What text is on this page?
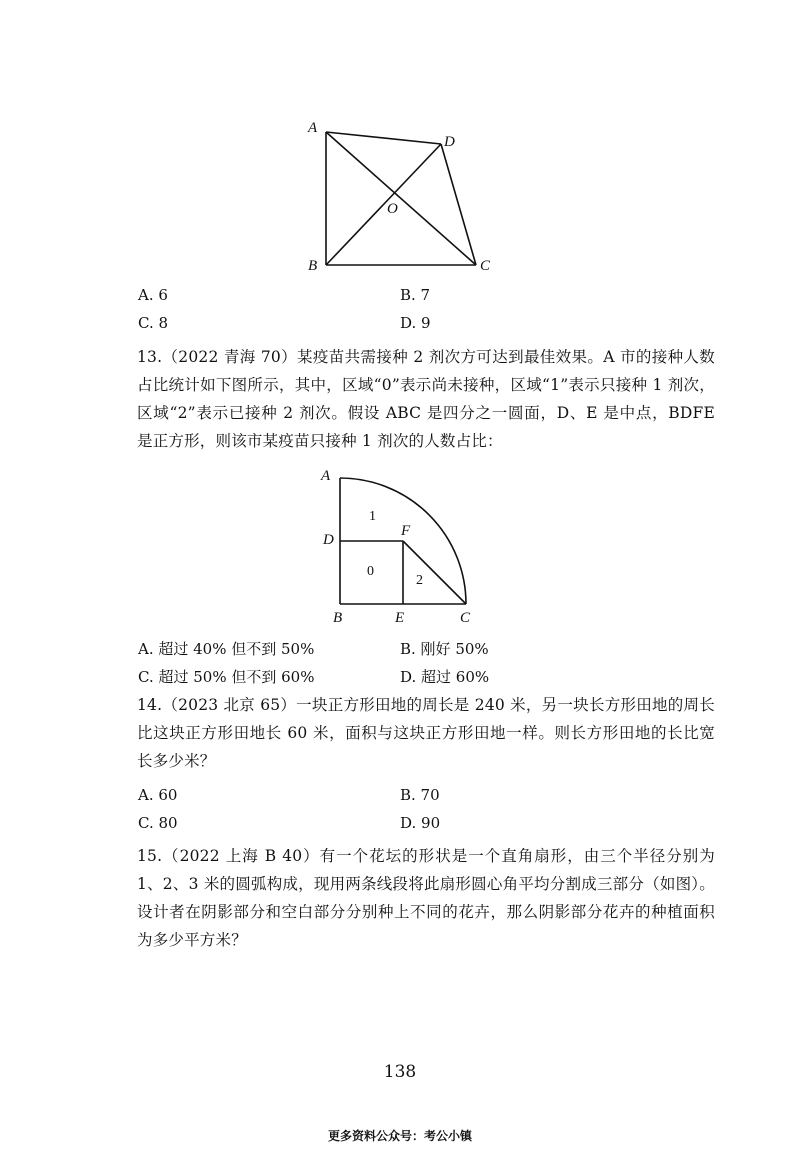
A
D
O
B	C
A. 6	B. 7
C. 8	D. 9
13.（2022 青海 70）某疫苗共需接种 2 剂次方可达到最佳效果。A 市的接种人数占比统计如下图所示，其中，区域“0”表示尚未接种，区域“1”表示只接种 1 剂次，区域“2”表示已接种 2 剂次。假设 ABC 是四分之一圆面，D、E 是中点，BDFE 是正方形，则该市某疫苗只接种 1 剂次的人数占比：
A
D
F
B	E	C
1
0
2
A. 超过 40% 但不到 50%	B. 刚好 50%
C. 超过 50% 但不到 60%	D. 超过 60%
14.（2023 北京 65）一块正方形田地的周长是 240 米，另一块长方形田地的周长比这块正方形田地长 60 米，面积与这块正方形田地一样。则长方形田地的长比宽长多少米？
A. 60	B. 70
C. 80	D. 90
15.（2022 上海 B 40）有一个花坛的形状是一个直角扇形，由三个半径分别为 1、2、3 米的圆弧构成，现用两条线段将此扇形圆心角平均分割成三部分（如图）。设计者在阴影部分和空白部分分别种上不同的花卉，那么阴影部分花卉的种植面积为多少平方米？
138
更多资料公众号：考公小镇
